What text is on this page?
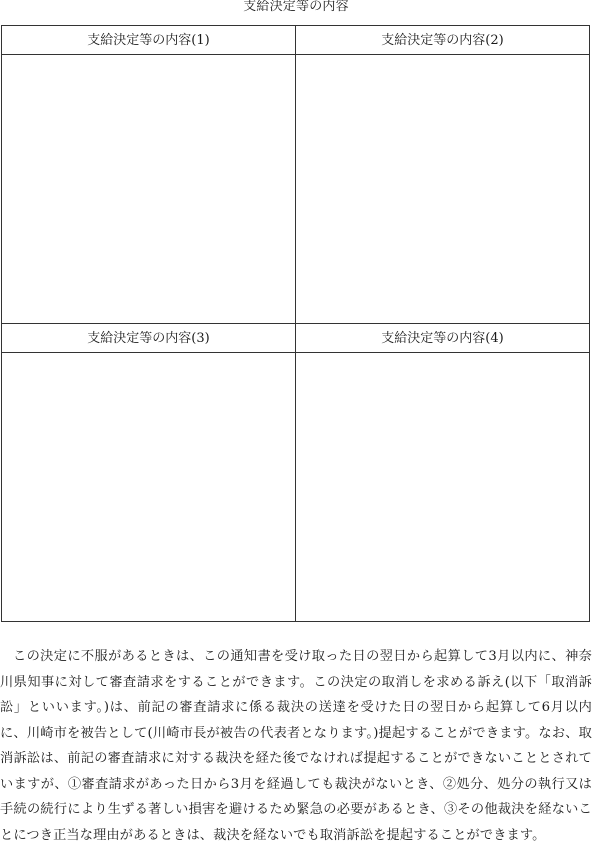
支給決定等の内容
支給決定等の内容(1)	支給決定等の内容(2)
支給決定等の内容(3)	支給決定等の内容(4)

この決定に不服があるときは、この通知書を受け取った日の翌日から起算して3月以内に、神奈川県知事に対して審査請求をすることができます。この決定の取消しを求める訴え(以下「取消訴訟」といいます。)は、前記の審査請求に係る裁決の送達を受けた日の翌日から起算して6月以内に、川崎市を被告として(川崎市長が被告の代表者となります。)提起することができます。なお、取消訴訟は、前記の審査請求に対する裁決を経た後でなければ提起することができないこととされていますが、①審査請求があった日から3月を経過しても裁決がないとき、②処分、処分の執行又は手続の続行により生ずる著しい損害を避けるため緊急の必要があるとき、③その他裁決を経ないことにつき正当な理由があるときは、裁決を経ないでも取消訴訟を提起することができます。
